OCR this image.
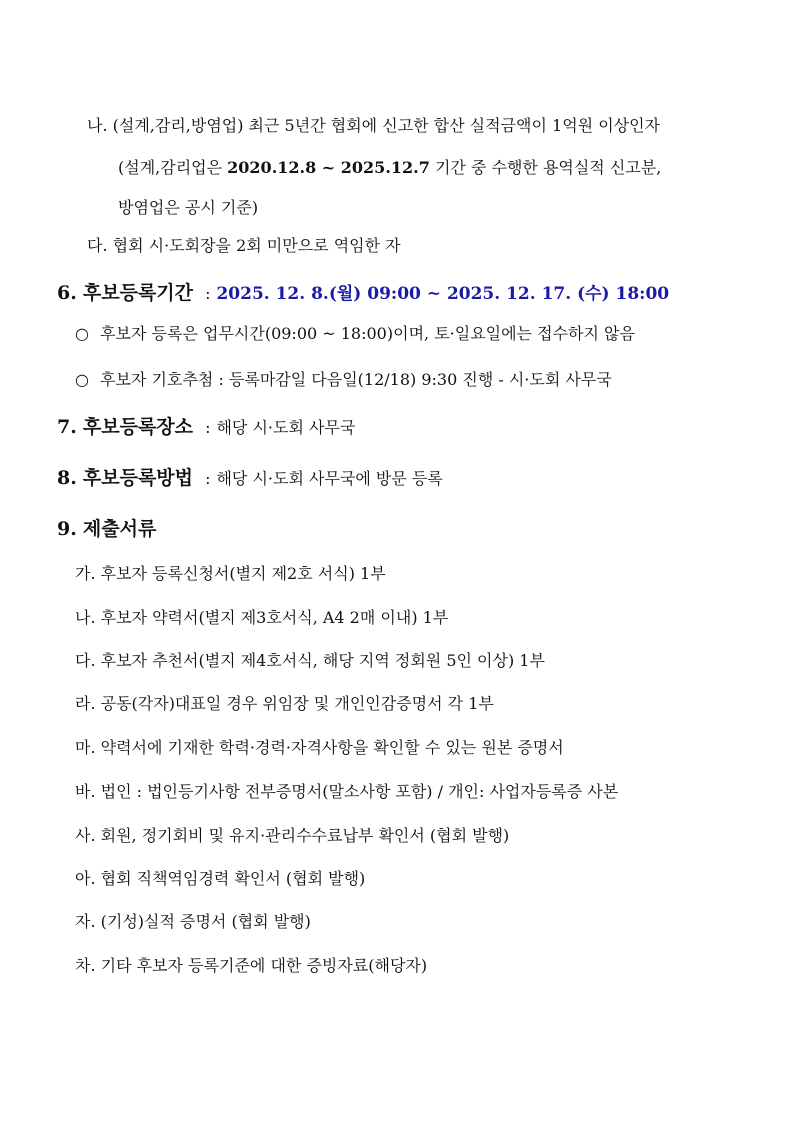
나. (설계,감리,방염업) 최근 5년간 협회에 신고한 합산 실적금액이 1억원 이상인자
(설계,감리업은 2020.12.8 ~ 2025.12.7 기간 중 수행한 용역실적 신고분,
방염업은 공시 기준)
다. 협회 시·도회장을 2회 미만으로 역임한 자
6. 후보등록기간 : 2025. 12. 8.(월) 09:00 ~ 2025. 12. 17. (수) 18:00
○ 후보자 등록은 업무시간(09:00 ~ 18:00)이며, 토·일요일에는 접수하지 않음
○ 후보자 기호추첨 : 등록마감일 다음일(12/18) 9:30 진행 - 시·도회 사무국
7. 후보등록장소 : 해당 시·도회 사무국
8. 후보등록방법 : 해당 시·도회 사무국에 방문 등록
9. 제출서류
가. 후보자 등록신청서(별지 제2호 서식) 1부
나. 후보자 약력서(별지 제3호서식, A4 2매 이내) 1부
다. 후보자 추천서(별지 제4호서식, 해당 지역 정회원 5인 이상) 1부
라. 공동(각자)대표일 경우 위임장 및 개인인감증명서 각 1부
마. 약력서에 기재한 학력·경력·자격사항을 확인할 수 있는 원본 증명서
바. 법인 : 법인등기사항 전부증명서(말소사항 포함) / 개인: 사업자등록증 사본
사. 회원, 정기회비 및 유지·관리수수료납부 확인서 (협회 발행)
아. 협회 직책역임경력 확인서 (협회 발행)
자. (기성)실적 증명서 (협회 발행)
차. 기타 후보자 등록기준에 대한 증빙자료(해당자)
